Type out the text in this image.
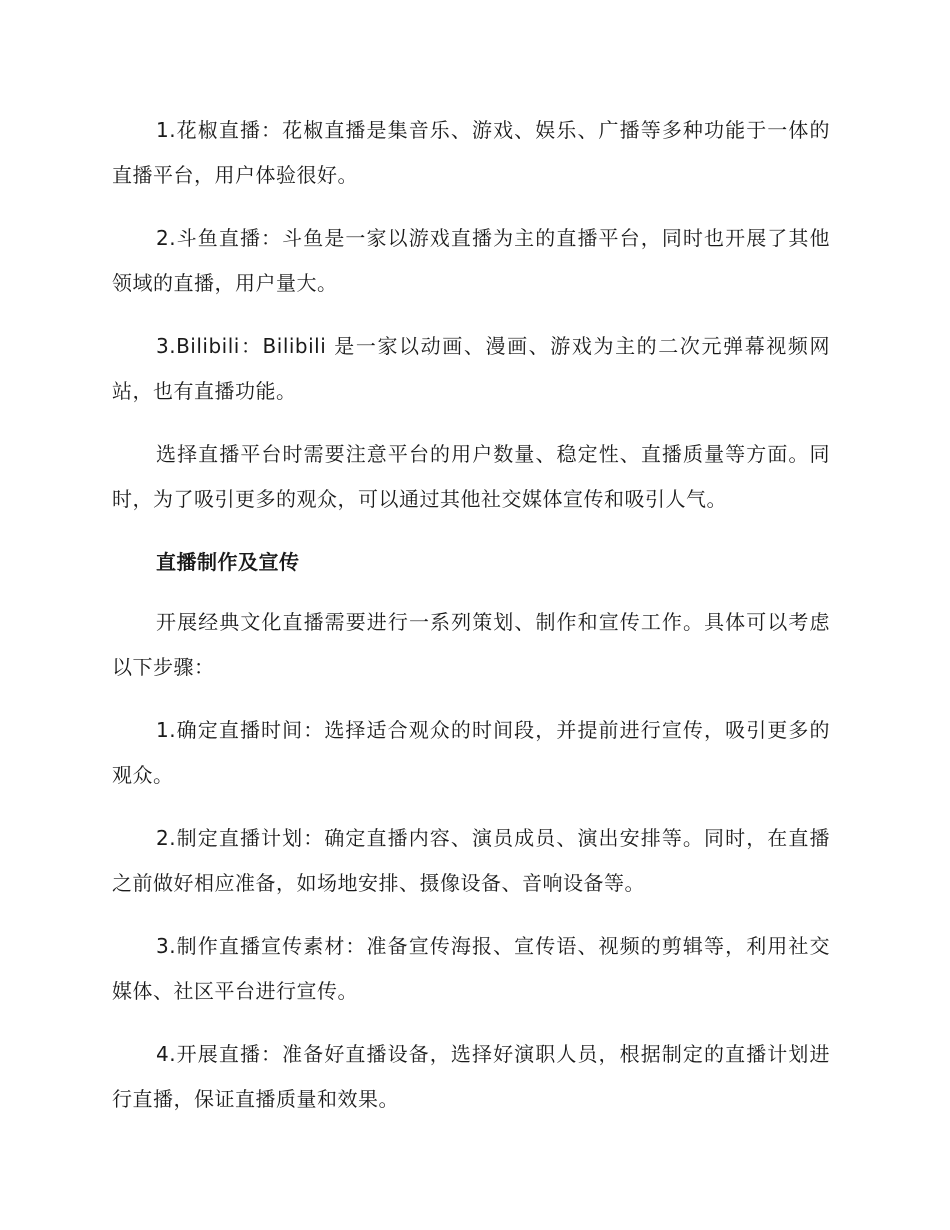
1.花椒直播：花椒直播是集音乐、游戏、娱乐、广播等多种功能于一体的直播平台，用户体验很好。

2.斗鱼直播：斗鱼是一家以游戏直播为主的直播平台，同时也开展了其他领域的直播，用户量大。

3.Bilibili：Bilibili 是一家以动画、漫画、游戏为主的二次元弹幕视频网站，也有直播功能。

选择直播平台时需要注意平台的用户数量、稳定性、直播质量等方面。同时，为了吸引更多的观众，可以通过其他社交媒体宣传和吸引人气。

直播制作及宣传

开展经典文化直播需要进行一系列策划、制作和宣传工作。具体可以考虑以下步骤：

1.确定直播时间：选择适合观众的时间段，并提前进行宣传，吸引更多的观众。

2.制定直播计划：确定直播内容、演员成员、演出安排等。同时，在直播之前做好相应准备，如场地安排、摄像设备、音响设备等。

3.制作直播宣传素材：准备宣传海报、宣传语、视频的剪辑等，利用社交媒体、社区平台进行宣传。

4.开展直播：准备好直播设备，选择好演职人员，根据制定的直播计划进行直播，保证直播质量和效果。
